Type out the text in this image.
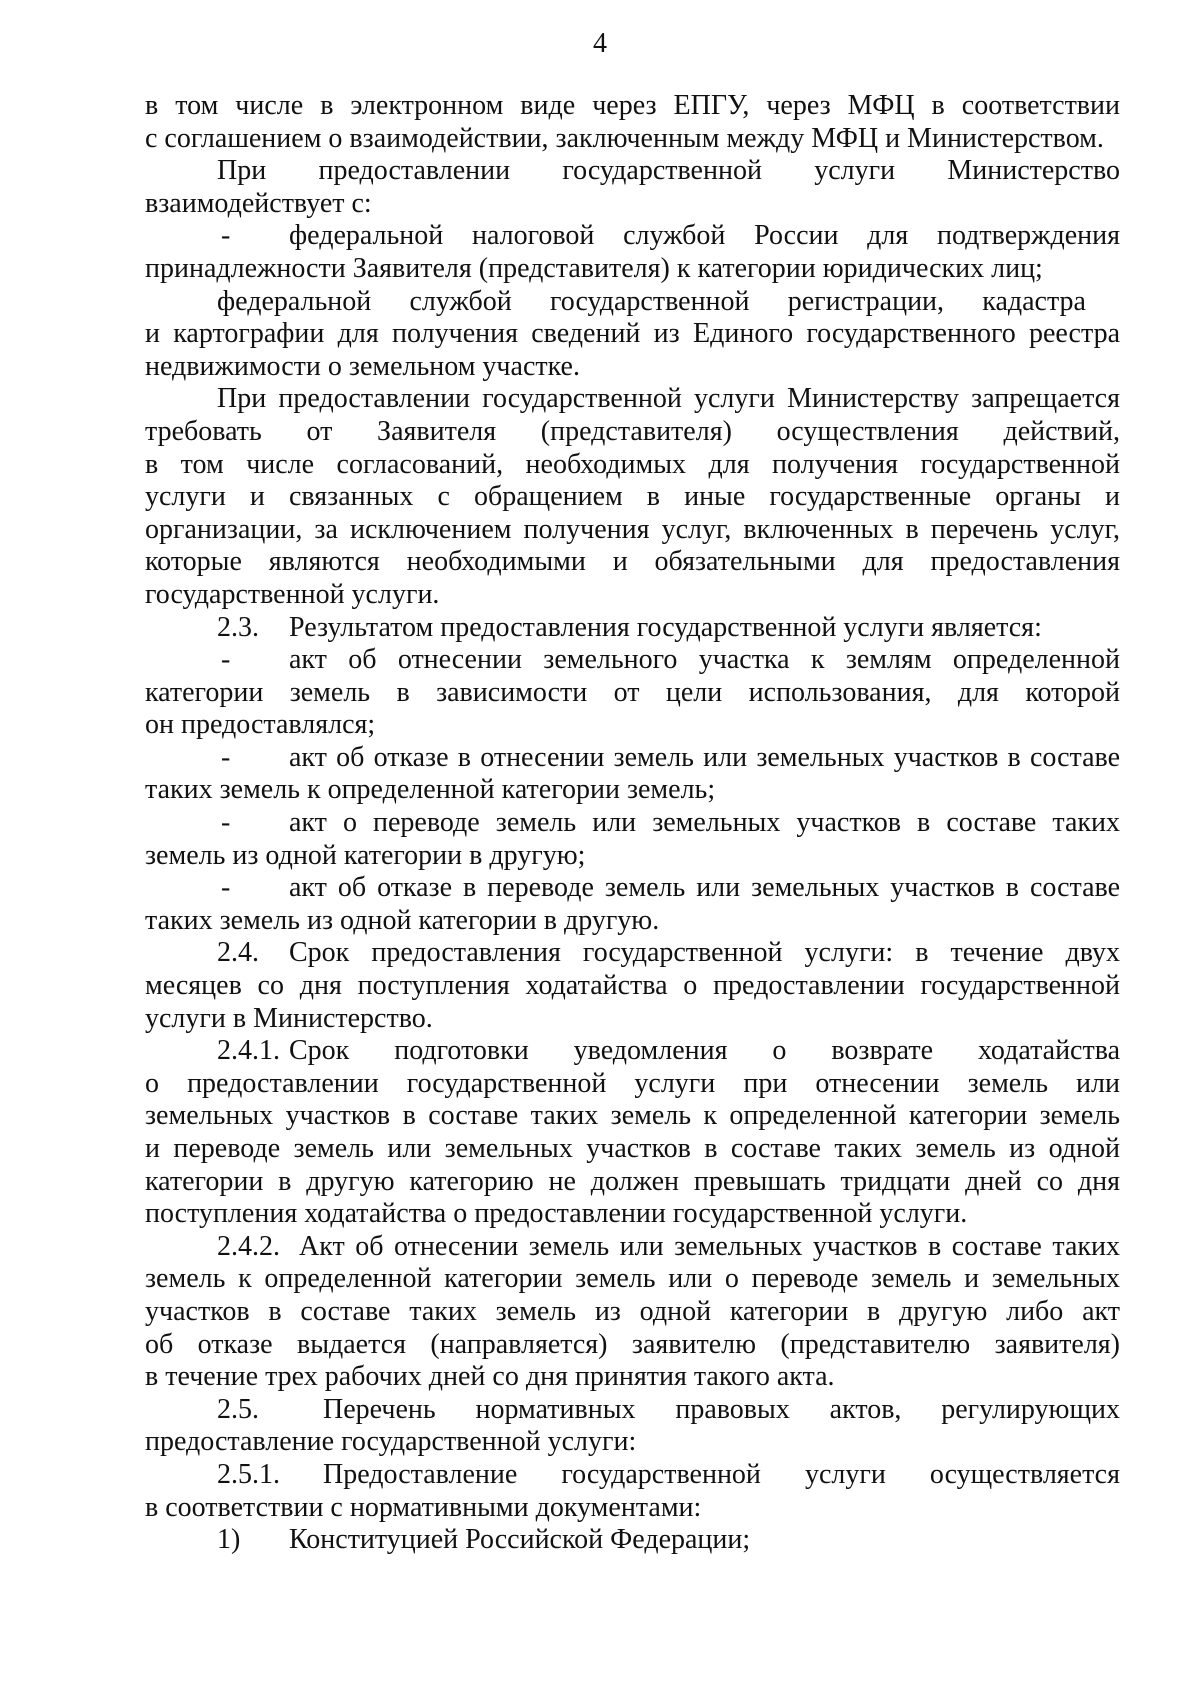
4
в том числе в электронном виде через ЕПГУ, через МФЦ в соответствии
с соглашением о взаимодействии, заключенным между МФЦ и Министерством.
При предоставлении государственной услуги Министерство
взаимодействует с:
- федеральной налоговой службой России для подтверждения
принадлежности Заявителя (представителя) к категории юридических лиц;
федеральной службой государственной регистрации, кадастра
и картографии для получения сведений из Единого государственного реестра
недвижимости о земельном участке.
При предоставлении государственной услуги Министерству запрещается
требовать от Заявителя (представителя) осуществления действий,
в том числе согласований, необходимых для получения государственной
услуги и связанных с обращением в иные государственные органы и
организации, за исключением получения услуг, включенных в перечень услуг,
которые являются необходимыми и обязательными для предоставления
государственной услуги.
2.3. Результатом предоставления государственной услуги является:
- акт об отнесении земельного участка к землям определенной
категории земель в зависимости от цели использования, для которой
он предоставлялся;
- акт об отказе в отнесении земель или земельных участков в составе
таких земель к определенной категории земель;
- акт о переводе земель или земельных участков в составе таких
земель из одной категории в другую;
- акт об отказе в переводе земель или земельных участков в составе
таких земель из одной категории в другую.
2.4. Срок предоставления государственной услуги: в течение двух
месяцев со дня поступления ходатайства о предоставлении государственной
услуги в Министерство.
2.4.1. Срок подготовки уведомления о возврате ходатайства
о предоставлении государственной услуги при отнесении земель или
земельных участков в составе таких земель к определенной категории земель
и переводе земель или земельных участков в составе таких земель из одной
категории в другую категорию не должен превышать тридцати дней со дня
поступления ходатайства о предоставлении государственной услуги.
2.4.2. Акт об отнесении земель или земельных участков в составе таких
земель к определенной категории земель или о переводе земель и земельных
участков в составе таких земель из одной категории в другую либо акт
об отказе выдается (направляется) заявителю (представителю заявителя)
в течение трех рабочих дней со дня принятия такого акта.
2.5. Перечень нормативных правовых актов, регулирующих
предоставление государственной услуги:
2.5.1. Предоставление государственной услуги осуществляется
в соответствии с нормативными документами:
1) Конституцией Российской Федерации;
